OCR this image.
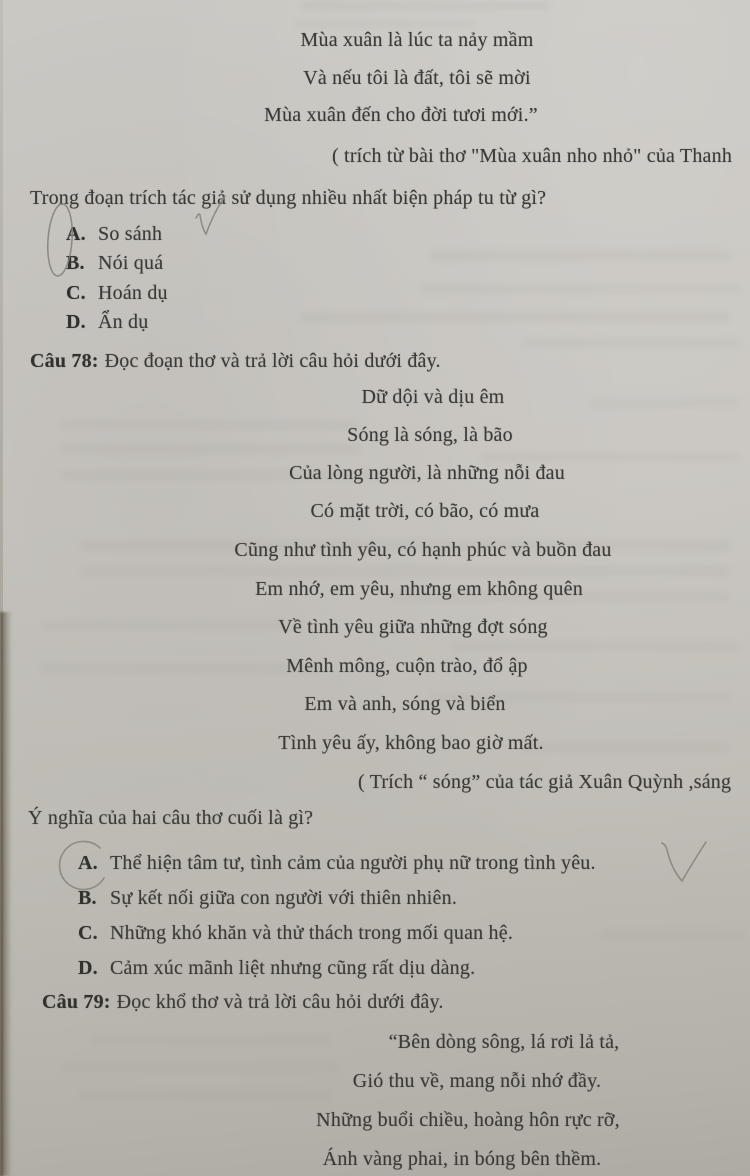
Mùa xuân là lúc ta nảy mầm
Và nếu tôi là đất, tôi sẽ mời
Mùa xuân đến cho đời tươi mới.”
( trích từ bài thơ "Mùa xuân nho nhỏ" của Thanh
Trong đoạn trích tác giả sử dụng nhiều nhất biện pháp tu từ gì?
A. So sánh
B. Nói quá
C. Hoán dụ
D. Ẩn dụ
Câu 78: Đọc đoạn thơ và trả lời câu hỏi dưới đây.
Dữ dội và dịu êm
Sóng là sóng, là bão
Của lòng người, là những nỗi đau
Có mặt trời, có bão, có mưa
Cũng như tình yêu, có hạnh phúc và buồn đau
Em nhớ, em yêu, nhưng em không quên
Về tình yêu giữa những đợt sóng
Mênh mông, cuộn trào, đổ ập
Em và anh, sóng và biển
Tình yêu ấy, không bao giờ mất.
( Trích “ sóng” của tác giả Xuân Quỳnh ,sáng
Ý nghĩa của hai câu thơ cuối là gì?
A. Thể hiện tâm tư, tình cảm của người phụ nữ trong tình yêu.
B. Sự kết nối giữa con người với thiên nhiên.
C. Những khó khăn và thử thách trong mối quan hệ.
D. Cảm xúc mãnh liệt nhưng cũng rất dịu dàng.
Câu 79: Đọc khổ thơ và trả lời câu hỏi dưới đây.
“Bên dòng sông, lá rơi lả tả,
Gió thu về, mang nỗi nhớ đầy.
Những buổi chiều, hoàng hôn rực rỡ,
Ánh vàng phai, in bóng bên thềm.
